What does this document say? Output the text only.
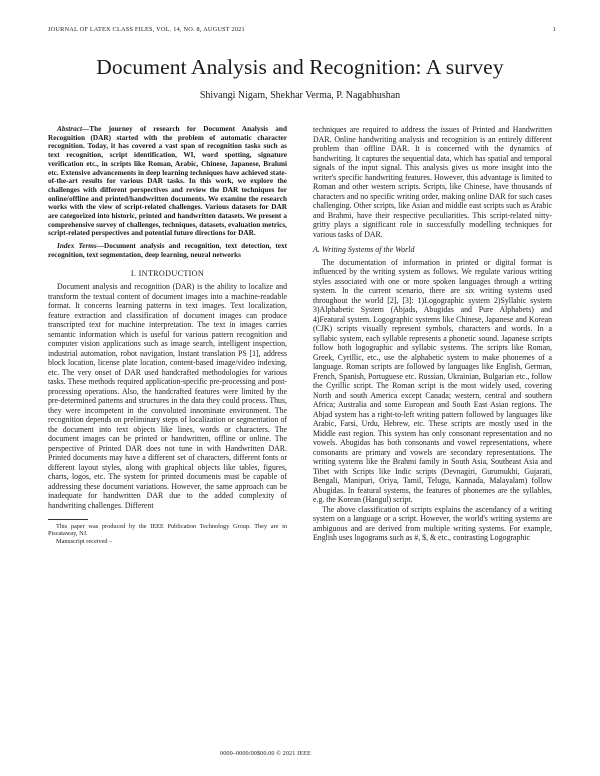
JOURNAL OF LATEX CLASS FILES, VOL. 14, NO. 8, AUGUST 2021	1
Document Analysis and Recognition: A survey
Shivangi Nigam, Shekhar Verma, P. Nagabhushan

Abstract—The journey of research for Document Analysis and Recognition (DAR) started with the problem of automatic character recognition. Today, it has covered a vast span of recognition tasks such as text recognition, script identification, WI, word spotting, signature verification etc., in scripts like Roman, Arabic, Chinese, Japanese, Brahmi etc. Extensive advancements in deep learning techniques have achieved state-of-the-art results for various DAR tasks. In this work, we explore the challenges with different perspectives and review the DAR techniques for online/offline and printed/handwritten documents. We examine the research works with the view of script-related challenges. Various datasets for DAR are categorized into historic, printed and handwritten datasets. We present a comprehensive survey of challenges, techniques, datasets, evaluation metrics, script-related perspectives and potential future directions for DAR.

Index Terms—Document analysis and recognition, text detection, text recognition, text segmentation, deep learning, neural networks

I. INTRODUCTION

Document analysis and recognition (DAR) is the ability to localize and transform the textual content of document images into a machine-readable format. It concerns learning patterns in text images. Text localization, feature extraction and classification of document images can produce transcripted text for machine interpretation. The text in images carries semantic information which is useful for various pattern recognition and computer vision applications such as image search, intelligent inspection, industrial automation, robot navigation, Instant translation PS [1], address block location, license plate location, content-based image/video indexing, etc. The very onset of DAR used handcrafted methodologies for various tasks. These methods required application-specific pre-processing and post-processing operations. Also, the handcrafted features were limited by the pre-determined patterns and structures in the data they could process. Thus, they were incompetent in the convoluted innominate environment. The recognition depends on preliminary steps of localization or segmentation of the document into text objects like lines, words or characters. The document images can be printed or handwritten, offline or online. The perspective of Printed DAR does not tune in with Handwritten DAR. Printed documents may have a different set of characters, different fonts or different layout styles, along with graphical objects like tables, figures, charts, logos, etc. The system for printed documents must be capable of addressing these document variations. However, the same approach can be inadequate for handwritten DAR due to the added complexity of handwriting challenges. Different

This paper was produced by the IEEE Publication Technology Group. They are in Piscataway, NJ.

Manuscript received –

techniques are required to address the issues of Printed and Handwritten DAR. Online handwriting analysis and recognition is an entirely different problem than offline DAR. It is concerned with the dynamics of handwriting. It captures the sequential data, which has spatial and temporal signals of the input signal. This analysis gives us more insight into the writer's specific handwriting features. However, this advantage is limited to Roman and other western scripts. Scripts, like Chinese, have thousands of characters and no specific writing order, making online DAR for such cases challenging. Other scripts, like Asian and middle east scripts such as Arabic and Brahmi, have their respective peculiarities. This script-related nitty-gritty plays a significant role in successfully modelling techniques for various tasks of DAR.

A. Writing Systems of the World

The documentation of information in printed or digital format is influenced by the writing system as follows. We regulate various writing styles associated with one or more spoken languages through a writing system. In the current scenario, there are six writing systems used throughout the world [2], [3]: 1)Logographic system 2)Syllabic system 3)Alphabetic System (Abjads, Abugidas and Pure Alphabets) and 4)Featural system. Logographic systems like Chinese, Japanese and Korean (CJK) scripts visually represent symbols, characters and words. In a syllabic system, each syllable represents a phonetic sound. Japanese scripts follow both logographic and syllabic systems. The scripts like Roman, Greek, Cyrillic, etc., use the alphabetic system to make phonemes of a language. Roman scripts are followed by languages like English, German, French, Spanish, Portuguese etc. Russian, Ukrainian, Bulgarian etc., follow the Cyrillic script. The Roman script is the most widely used, covering North and south America except Canada; western, central and southern Africa; Australia and some European and South East Asian regions. The Abjad system has a right-to-left writing pattern followed by languages like Arabic, Farsi, Urdu, Hebrew, etc. These scripts are mostly used in the Middle east region. This system has only consonant representation and no vowels. Abugidas has both consonants and vowel representations, where consonants are primary and vowels are secondary representations. The writing systems like the Brahmi family in South Asia, Southeast Asia and Tibet with Scripts like Indic scripts (Devnagiri, Gurumukhi, Gujarati, Bengali, Manipuri, Oriya, Tamil, Telugu, Kannada, Malayalam) follow Abugidas. In featural systems, the features of phonemes are the syllables, e.g. the Korean (Hangul) script.

The above classification of scripts explains the ascendancy of a writing system on a language or a script. However, the world's writing systems are ambiguous and are derived from multiple writing systems. For example, English uses logograms such as #, $, & etc., contrasting Logographic

0000–0000/00$00.00 © 2021 IEEE
